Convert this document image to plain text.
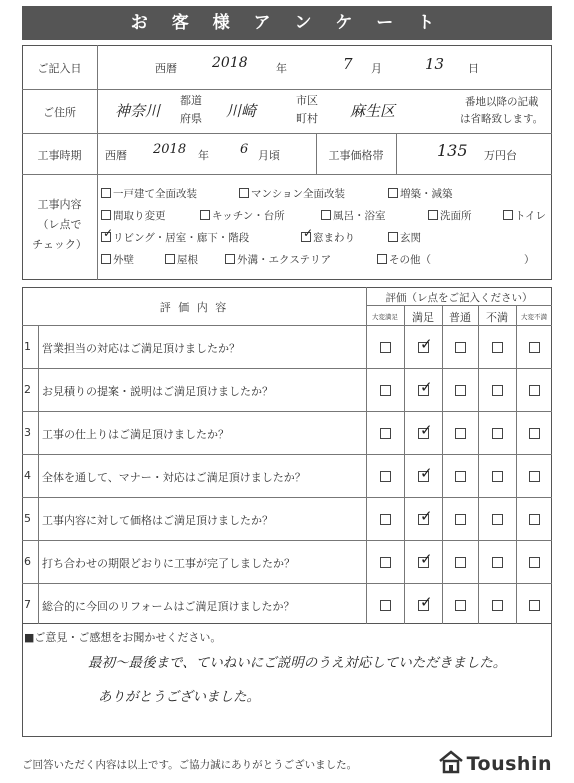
お 客 様 ア ン ケ ー ト
ご記入日	西暦	2018	年	7 月	13 日
ご住所	神奈川
都道
府県 川崎
市区
町村 麻生区	番地以降の記載
は省略致します。
工事時期	西暦 2018 年 6 月頃	工事価格帯	135 万円台
工事内容
（レ点で
チェック）
一戸建て全面改装	マンション全面改装	増築・減築
間取り変更	キッチン・台所	風呂・浴室	洗面所	トイレ
✓リビング・居室・廊下・階段
✓	窓まわり	玄関
外壁	屋根	外溝・エクステリア	その他（	）
評 価 内 容
評価（レ点をご記入ください）
大変満足	満足	普通	不満	大変不満
1 営業担当の対応はご満足頂けましたか？
✓
2 お見積りの提案・説明はご満足頂けましたか？
✓
3 工事の仕上りはご満足頂けましたか？
✓
4 全体を通して、マナー・対応はご満足頂けましたか？
✓
5 工事内容に対して価格はご満足頂けましたか？
✓
6 打ち合わせの期限どおりに工事が完了しましたか？
✓
7 総合的に今回のリフォームはご満足頂けましたか？
✓
■ご意見・ご感想をお聞かせください。
最初〜最後まで、ていねいにご説明のうえ対応していただきました。
ありがとうございました。
ご回答いただく内容は以上です。ご協力誠にありがとうございました。	Toushin
